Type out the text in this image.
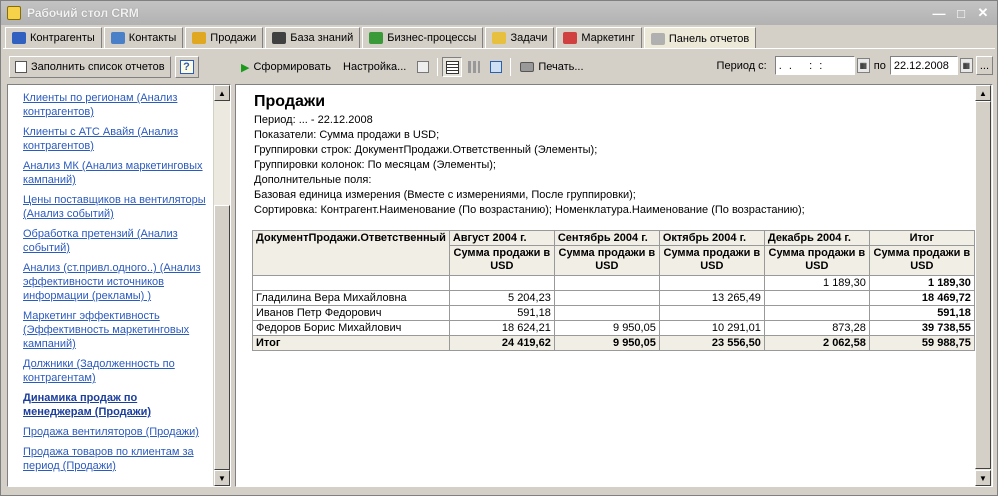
Рабочий стол CRM	— □ ✕
Контрагенты	Контакты	Продажи	База знаний	Бизнес-процессы	Задачи	Маркетинг	Панель отчетов
Заполнить список отчетов	?
Клиенты по регионам (Анализ контрагентов)
Клиенты с АТС Авайя (Анализ контрагентов)
Анализ МК (Анализ маркетинговых кампаний)
Цены поставщиков на вентиляторы (Анализ событий)
Обработка претензий (Анализ событий)
Анализ (ст.привл.одного..) (Анализ эффективности источников информации (рекламы) )
Маркетинг эффективность (Эффективность маркетинговых кампаний)
Должники (Задолженность по контрагентам)
Динамика продаж по менеджерам (Продажи)
Продажа вентиляторов (Продажи)
Продажа товаров по клиентам за период (Продажи)
▲
▼
▶ Сформировать Настройка...	Печать...	Период с: . .   : :	▦ по 22.12.2008	▦ ...
Продажи
Период: ... - 22.12.2008
Показатели: Сумма продажи в USD;
Группировки строк: ДокументПродажи.Ответственный (Элементы);
Группировки колонок: По месяцам (Элементы);
Дополнительные поля:
Базовая единица измерения (Вместе с измерениями, После группировки);
Сортировка: Контрагент.Наименование (По возрастанию); Номенклатура.Наименование (По возрастанию);
ДокументПродажи.Ответственный	Август 2004 г.	Сентябрь 2004 г.	Октябрь 2004 г.	Декабрь 2004 г.	Итог
	Сумма продажи в USD	Сумма продажи в USD	Сумма продажи в USD	Сумма продажи в USD	Сумма продажи в USD
				1 189,30	1 189,30
Гладилина Вера Михайловна	5 204,23		13 265,49		18 469,72
Иванов Петр Федорович	591,18				591,18
Федоров Борис Михайлович	18 624,21	9 950,05	10 291,01	873,28	39 738,55
Итог	24 419,62	9 950,05	23 556,50	2 062,58	59 988,75
▲
▼
